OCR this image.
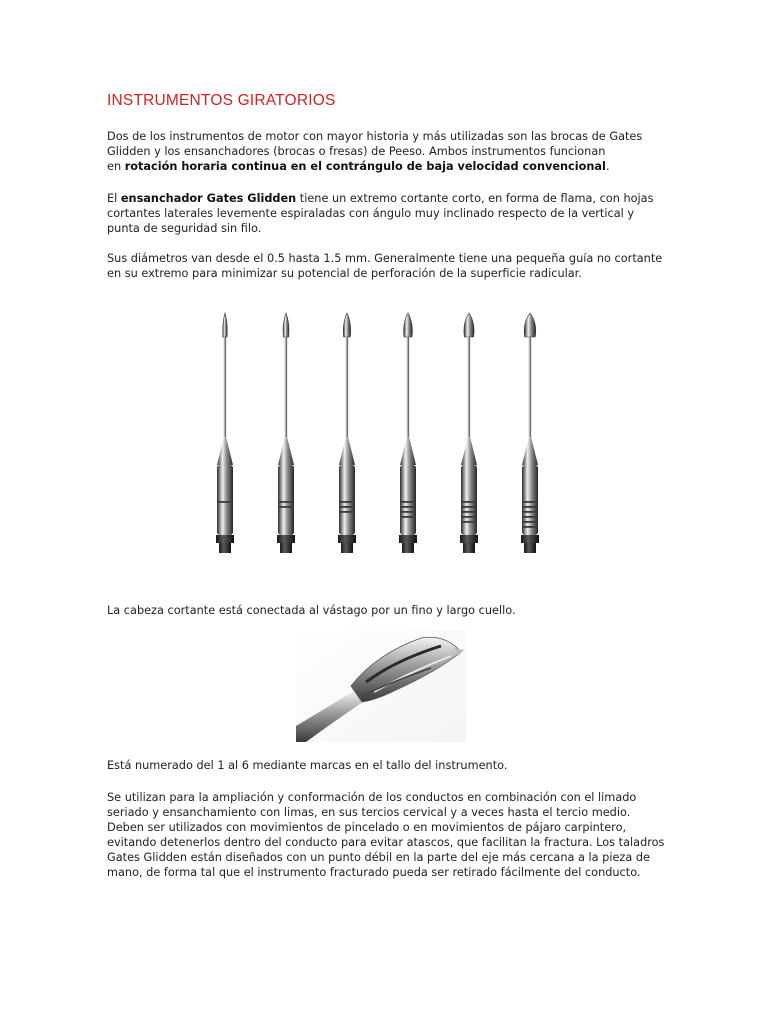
INSTRUMENTOS GIRATORIOS
Dos de los instrumentos de motor con mayor historia y más utilizadas son las brocas de Gates Glidden y los ensanchadores (brocas o fresas) de Peeso. Ambos instrumentos funcionan
en rotación horaria continua en el contrángulo de baja velocidad convencional.
El ensanchador Gates Glidden tiene un extremo cortante corto, en forma de flama, con hojas cortantes laterales levemente espiraladas con ángulo muy inclinado respecto de la vertical y punta de seguridad sin filo.
Sus diámetros van desde el 0.5 hasta 1.5 mm. Generalmente tiene una pequeña guía no cortante en su extremo para minimizar su potencial de perforación de la superficie radicular.
La cabeza cortante está conectada al vástago por un fino y largo cuello.
Está numerado del 1 al 6 mediante marcas en el tallo del instrumento.
Se utilizan para la ampliación y conformación de los conductos en combinación con el limado seriado y ensanchamiento con limas, en sus tercios cervical y a veces hasta el tercio medio. Deben ser utilizados con movimientos de pincelado o en movimientos de pájaro carpintero, evitando detenerlos dentro del conducto para evitar atascos, que facilitan la fractura. Los taladros Gates Glidden están diseñados con un punto débil en la parte del eje más cercana a la pieza de mano, de forma tal que el instrumento fracturado pueda ser retirado fácilmente del conducto.
